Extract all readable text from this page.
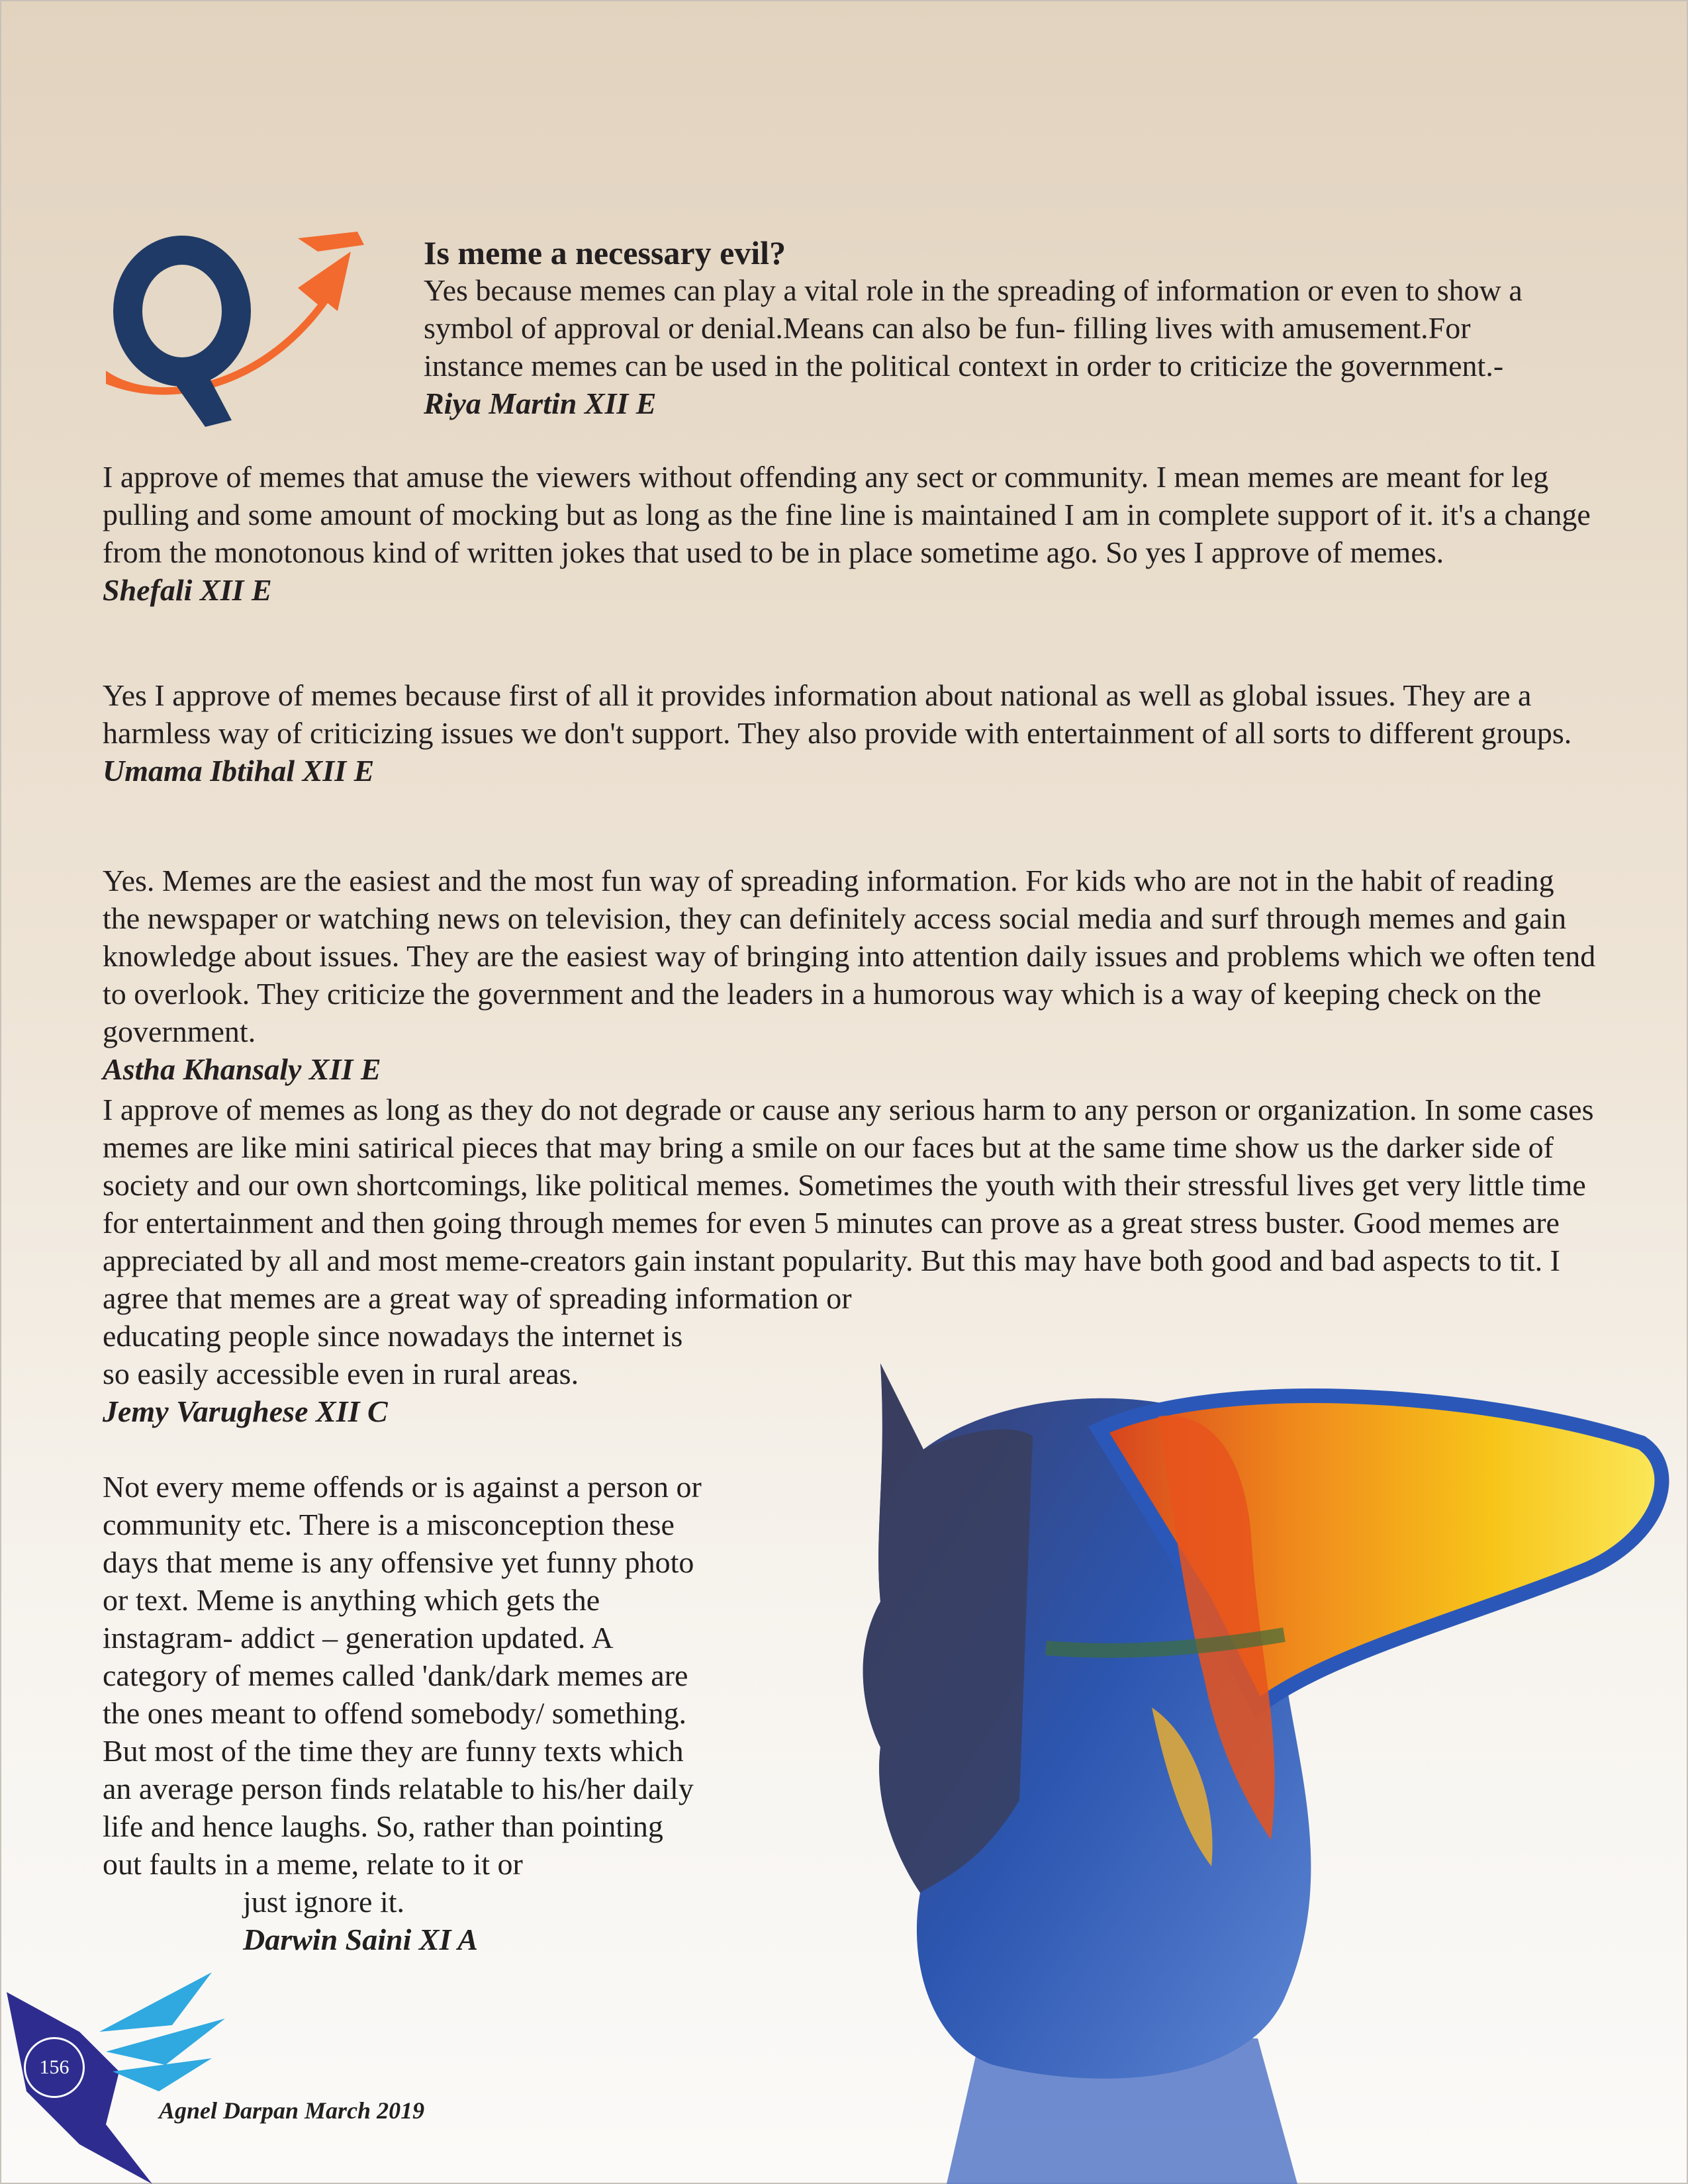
Is meme a necessary evil?
Yes because memes can play a vital role in the spreading of information or even to show a symbol of approval or denial.Means can also be fun- filling lives with amusement.For instance memes can be used in the political context in order to criticize the government.- Riya Martin XII E

I approve of memes that amuse the viewers without offending any sect or community. I mean memes are meant for leg pulling and some amount of mocking but as long as the fine line is maintained I am in complete support of it. it's a change from the monotonous kind of written jokes that used to be in place sometime ago. So yes I approve of memes.

Shefali XII E

Yes I approve of memes because first of all it provides information about national as well as global issues. They are a harmless way of criticizing issues we don't support. They also provide with entertainment of all sorts to different groups.

Umama Ibtihal XII E

Yes. Memes are the easiest and the most fun way of spreading information. For kids who are not in the habit of reading the newspaper or watching news on television, they can definitely access social media and surf through memes and gain knowledge about issues. They are the easiest way of bringing into attention daily issues and problems which we often tend to overlook. They criticize the government and the leaders in a humorous way which is a way of keeping check on the government.

Astha Khansaly XII E

I approve of memes as long as they do not degrade or cause any serious harm to any person or organization. In some cases memes are like mini satirical pieces that may bring a smile on our faces but at the same time show us the darker side of society and our own shortcomings, like political memes. Sometimes the youth with their stressful lives get very little time for entertainment and then going through memes for even 5 minutes can prove as a great stress buster. Good memes are appreciated by all and most meme-creators gain instant popularity. But this may have both good and bad aspects to tit. I agree that memes are a great way of spreading information or

educating people since nowadays the internet is so easily accessible even in rural areas.

Jemy Varughese XII C

Not every meme offends or is against a person or community etc. There is a misconception these days that meme is any offensive yet funny photo or text. Meme is anything which gets the instagram- addict – generation updated. A category of memes called 'dank/dark memes are the ones meant to offend somebody/ something. But most of the time they are funny texts which an average person finds relatable to his/her daily life and hence laughs. So, rather than pointing out faults in a meme, relate to it or

just ignore it.

Darwin Saini XI A

156
Agnel Darpan March 2019
